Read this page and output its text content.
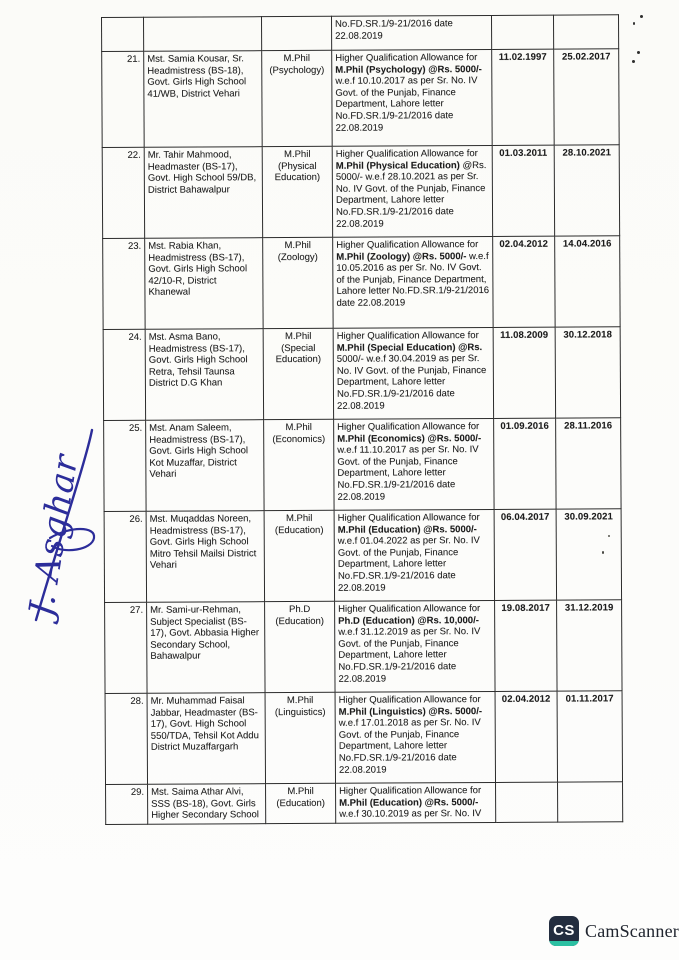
			No.FD.SR.1/9-21/2016 date 22.08.2019		
21.	Mst. Samia Kousar, Sr. Headmistress (BS-18), Govt. Girls High School 41/WB, District Vehari	M.Phil (Psychology)	Higher Qualification Allowance for M.Phil (Psychology) @Rs. 5000/- w.e.f 10.10.2017 as per Sr. No. IV Govt. of the Punjab, Finance Department, Lahore letter No.FD.SR.1/9-21/2016 date 22.08.2019	11.02.1997	25.02.2017
22.	Mr. Tahir Mahmood, Headmaster (BS-17), Govt. High School 59/DB, District Bahawalpur	M.Phil (Physical Education)	Higher Qualification Allowance for M.Phil (Physical Education) @Rs. 5000/- w.e.f 28.10.2021 as per Sr. No. IV Govt. of the Punjab, Finance Department, Lahore letter No.FD.SR.1/9-21/2016 date 22.08.2019	01.03.2011	28.10.2021
23.	Mst. Rabia Khan, Headmistress (BS-17), Govt. Girls High School 42/10-R, District Khanewal	M.Phil (Zoology)	Higher Qualification Allowance for M.Phil (Zoology) @Rs. 5000/- w.e.f 10.05.2016 as per Sr. No. IV Govt. of the Punjab, Finance Department, Lahore letter No.FD.SR.1/9-21/2016 date 22.08.2019	02.04.2012	14.04.2016
24.	Mst. Asma Bano, Headmistress (BS-17), Govt. Girls High School Retra, Tehsil Taunsa District D.G Khan	M.Phil (Special Education)	Higher Qualification Allowance for M.Phil (Special Education) @Rs. 5000/- w.e.f 30.04.2019 as per Sr. No. IV Govt. of the Punjab, Finance Department, Lahore letter No.FD.SR.1/9-21/2016 date 22.08.2019	11.08.2009	30.12.2018
25.	Mst. Anam Saleem, Headmistress (BS-17), Govt. Girls High School Kot Muzaffar, District Vehari	M.Phil (Economics)	Higher Qualification Allowance for M.Phil (Economics) @Rs. 5000/- w.e.f 11.10.2017 as per Sr. No. IV Govt. of the Punjab, Finance Department, Lahore letter No.FD.SR.1/9-21/2016 date 22.08.2019	01.09.2016	28.11.2016
26.	Mst. Muqaddas Noreen, Headmistress (BS-17), Govt. Girls High School Mitro Tehsil Mailsi District Vehari	M.Phil (Education)	Higher Qualification Allowance for M.Phil (Education) @Rs. 5000/- w.e.f 01.04.2022 as per Sr. No. IV Govt. of the Punjab, Finance Department, Lahore letter No.FD.SR.1/9-21/2016 date 22.08.2019	06.04.2017	30.09.2021
27.	Mr. Sami-ur-Rehman, Subject Specialist (BS-17), Govt. Abbasia Higher Secondary School, Bahawalpur	Ph.D (Education)	Higher Qualification Allowance for Ph.D (Education) @Rs. 10,000/- w.e.f 31.12.2019 as per Sr. No. IV Govt. of the Punjab, Finance Department, Lahore letter No.FD.SR.1/9-21/2016 date 22.08.2019	19.08.2017	31.12.2019
28.	Mr. Muhammad Faisal Jabbar, Headmaster (BS-17), Govt. High School 550/TDA, Tehsil Kot Addu District Muzaffargarh	M.Phil (Linguistics)	Higher Qualification Allowance for M.Phil (Linguistics) @Rs. 5000/- w.e.f 17.01.2018 as per Sr. No. IV Govt. of the Punjab, Finance Department, Lahore letter No.FD.SR.1/9-21/2016 date 22.08.2019	02.04.2012	01.11.2017
29.	Mst. Saima Athar Alvi, SSS (BS-18), Govt. Girls Higher Secondary School	M.Phil (Education)	Higher Qualification Allowance for M.Phil (Education) @Rs. 5000/- w.e.f 30.10.2019 as per Sr. No. IV		
J. Asghar
CS CamScanner
